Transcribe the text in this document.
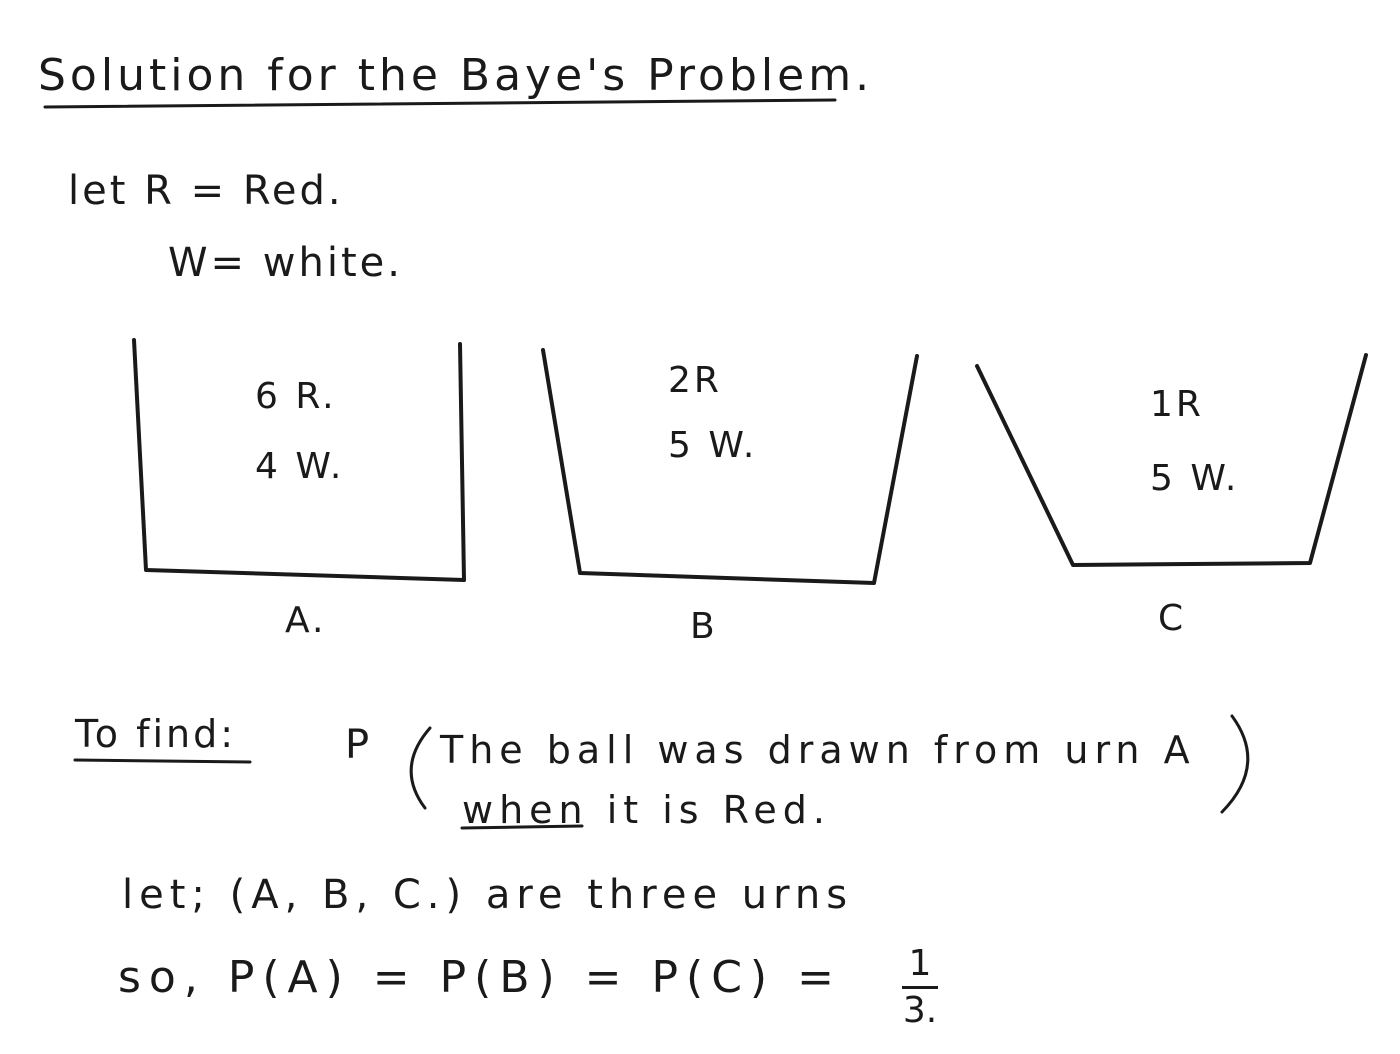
Solution for the Baye's Problem.
let R = Red.
W= white.
6 R.
4 W.
2R
5 W.
1R
5 W.
A.	B	C
To find:	P The ball was drawn from urn A
when it is Red.
let; (A, B, C.) are three urns
so, P(A) = P(B) = P(C) = 1
3.
